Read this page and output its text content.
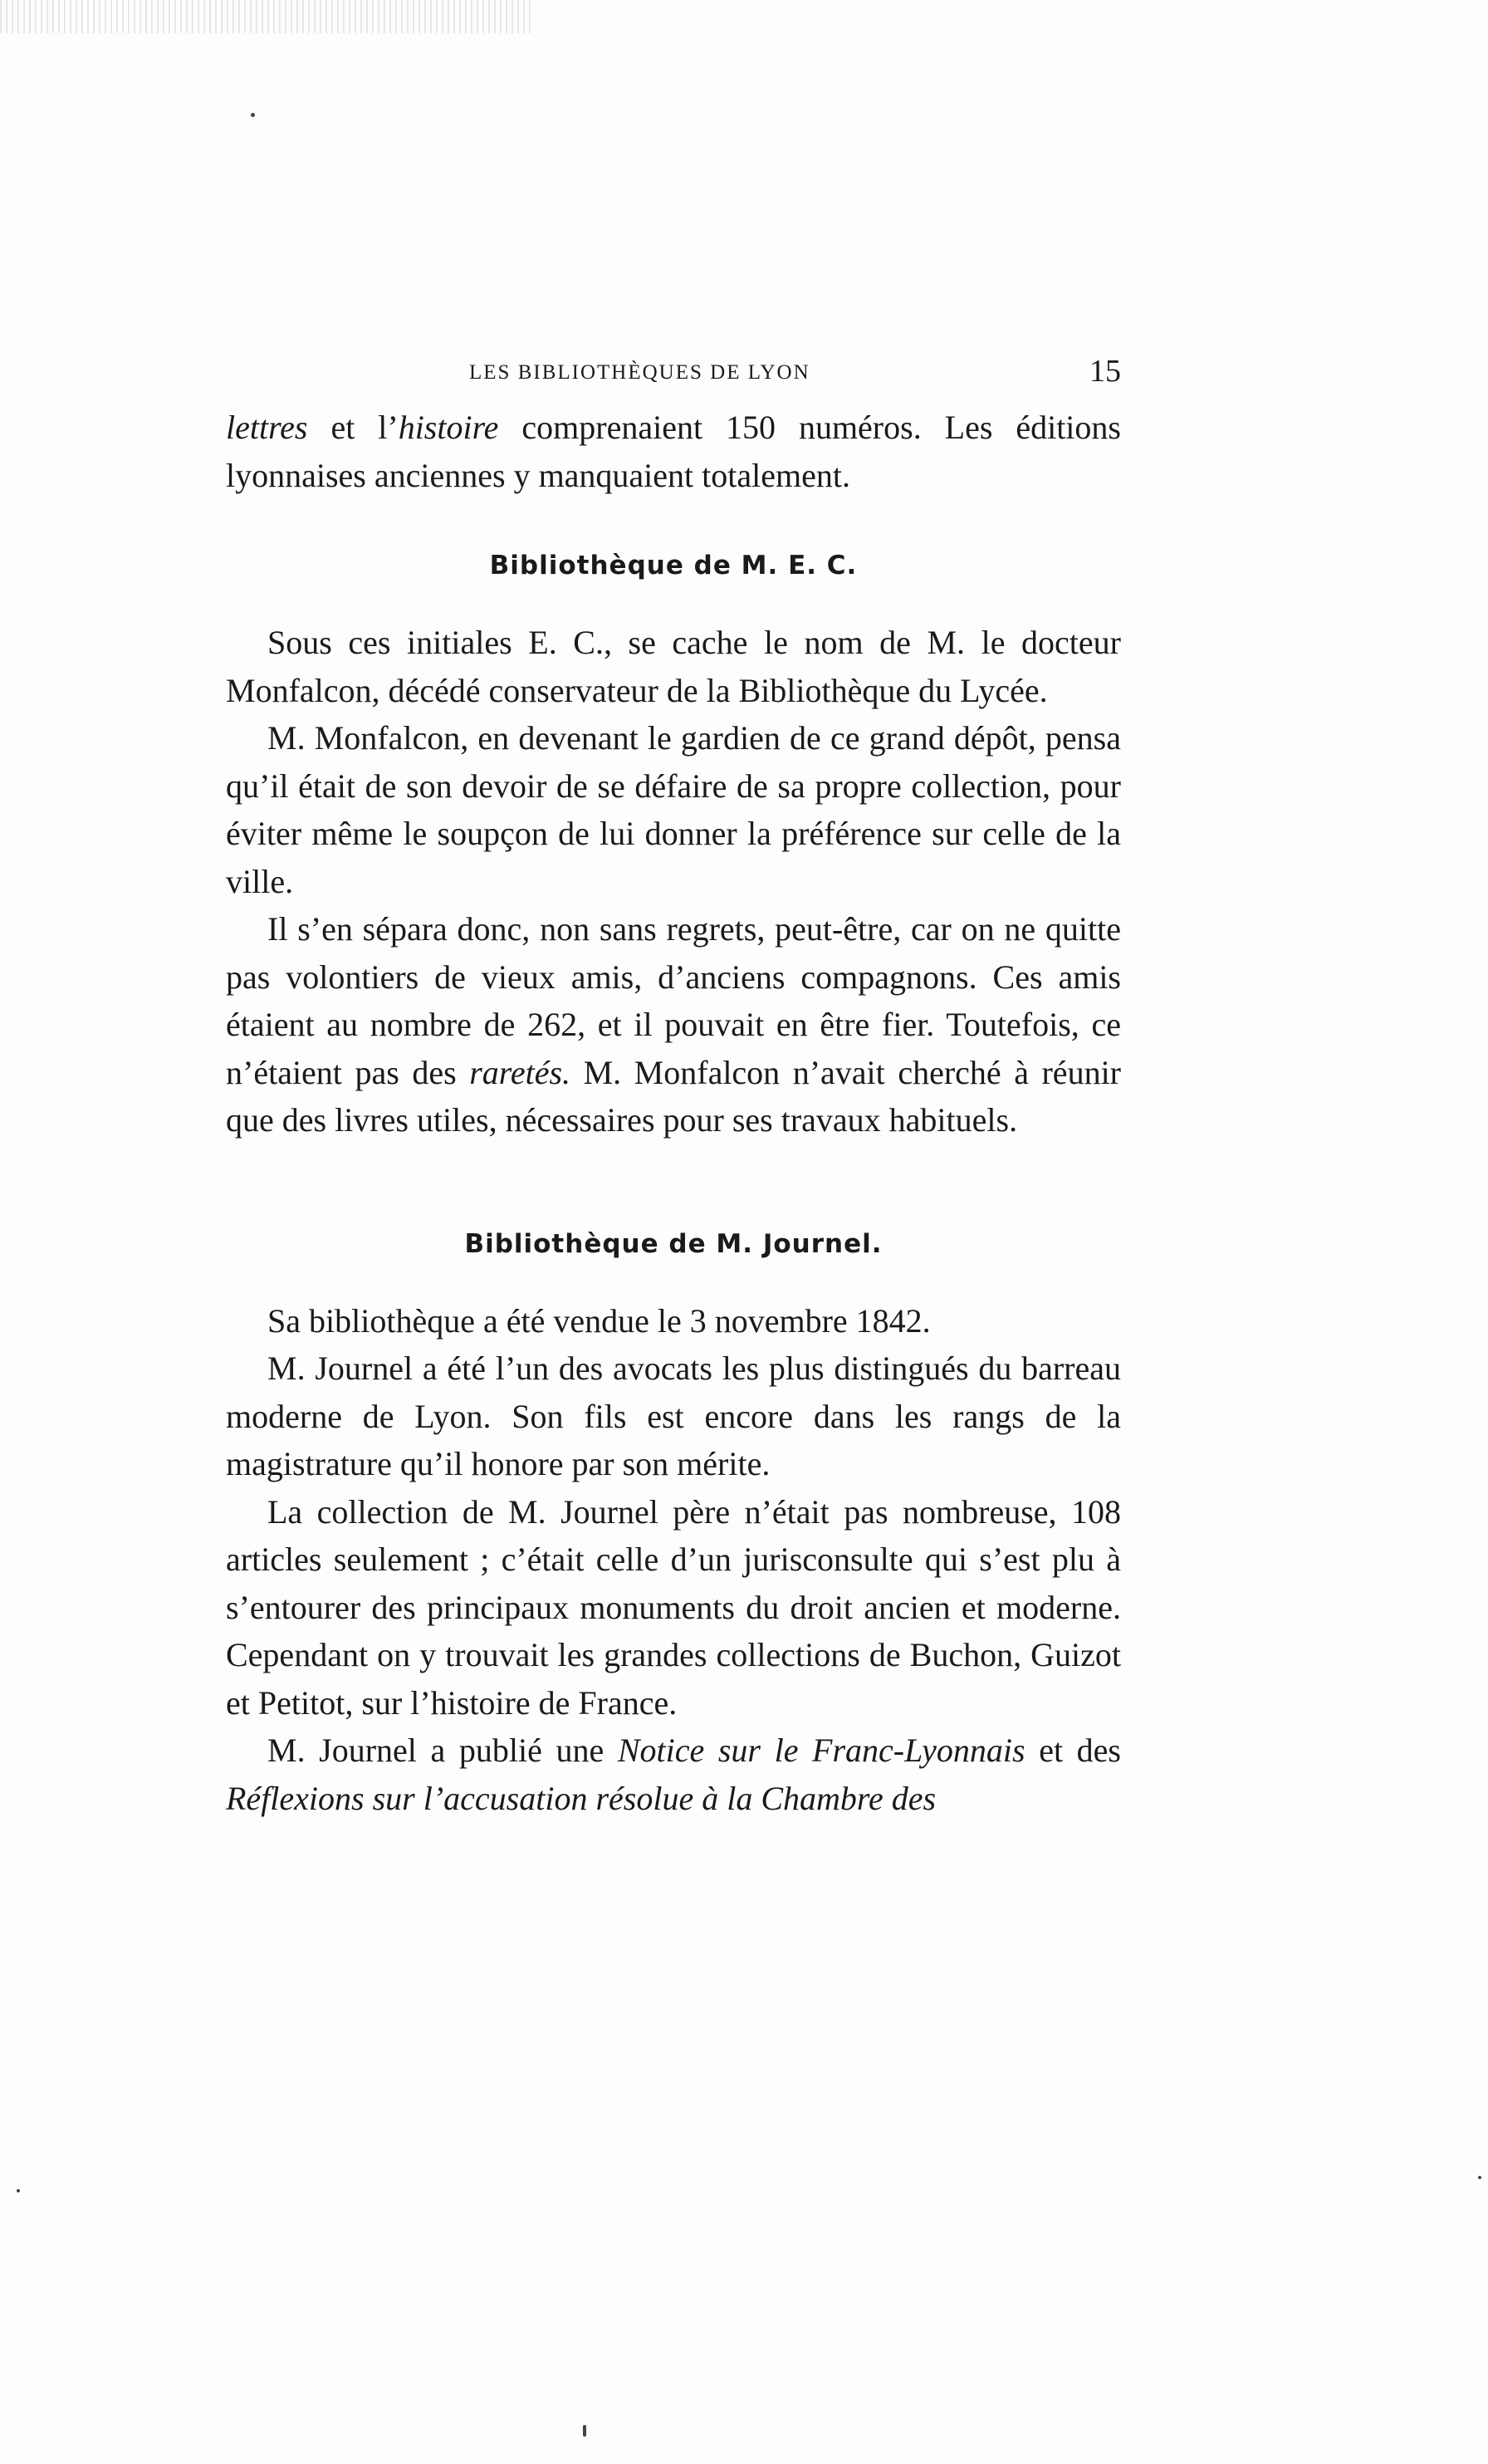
LES BIBLIOTHÈQUES DE LYON	15

lettres et l’histoire comprenaient 150 numéros. Les éditions lyonnaises anciennes y manquaient totalement.

Bibliothèque de M. E. C.

Sous ces initiales E. C., se cache le nom de M. le docteur Monfalcon, décédé conservateur de la Bibliothèque du Lycée.

M. Monfalcon, en devenant le gardien de ce grand dépôt, pensa qu’il était de son devoir de se défaire de sa propre collection, pour éviter même le soupçon de lui donner la préférence sur celle de la ville.

Il s’en sépara donc, non sans regrets, peut-être, car on ne quitte pas volontiers de vieux amis, d’anciens compagnons. Ces amis étaient au nombre de 262, et il pouvait en être fier. Toutefois, ce n’étaient pas des raretés. M. Monfalcon n’avait cherché à réunir que des livres utiles, nécessaires pour ses travaux habituels.

Bibliothèque de M. Journel.

Sa bibliothèque a été vendue le 3 novembre 1842.

M. Journel a été l’un des avocats les plus distingués du barreau moderne de Lyon. Son fils est encore dans les rangs de la magistrature qu’il honore par son mérite.

La collection de M. Journel père n’était pas nombreuse, 108 articles seulement ; c’était celle d’un jurisconsulte qui s’est plu à s’entourer des principaux monuments du droit ancien et moderne. Cependant on y trouvait les grandes collections de Buchon, Guizot et Petitot, sur l’histoire de France.

M. Journel a publié une Notice sur le Franc-Lyonnais et des Réflexions sur l’accusation résolue à la Chambre des
